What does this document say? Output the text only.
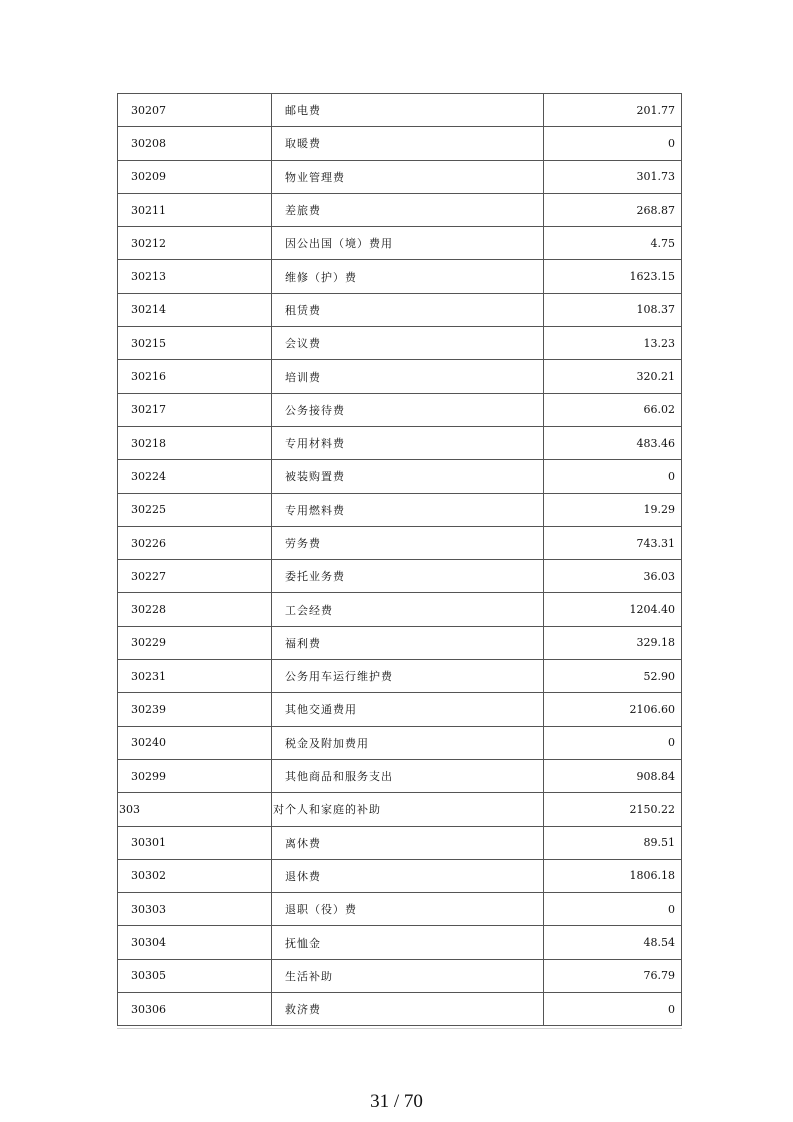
30207	邮电费	201.77
30208	取暖费	0
30209	物业管理费	301.73
30211	差旅费	268.87
30212	因公出国（境）费用	4.75
30213	维修（护）费	1623.15
30214	租赁费	108.37
30215	会议费	13.23
30216	培训费	320.21
30217	公务接待费	66.02
30218	专用材料费	483.46
30224	被装购置费	0
30225	专用燃料费	19.29
30226	劳务费	743.31
30227	委托业务费	36.03
30228	工会经费	1204.40
30229	福利费	329.18
30231	公务用车运行维护费	52.90
30239	其他交通费用	2106.60
30240	税金及附加费用	0
30299	其他商品和服务支出	908.84
303	对个人和家庭的补助	2150.22
30301	离休费	89.51
30302	退休费	1806.18
30303	退职（役）费	0
30304	抚恤金	48.54
30305	生活补助	76.79
30306	救济费	0
31 / 70
